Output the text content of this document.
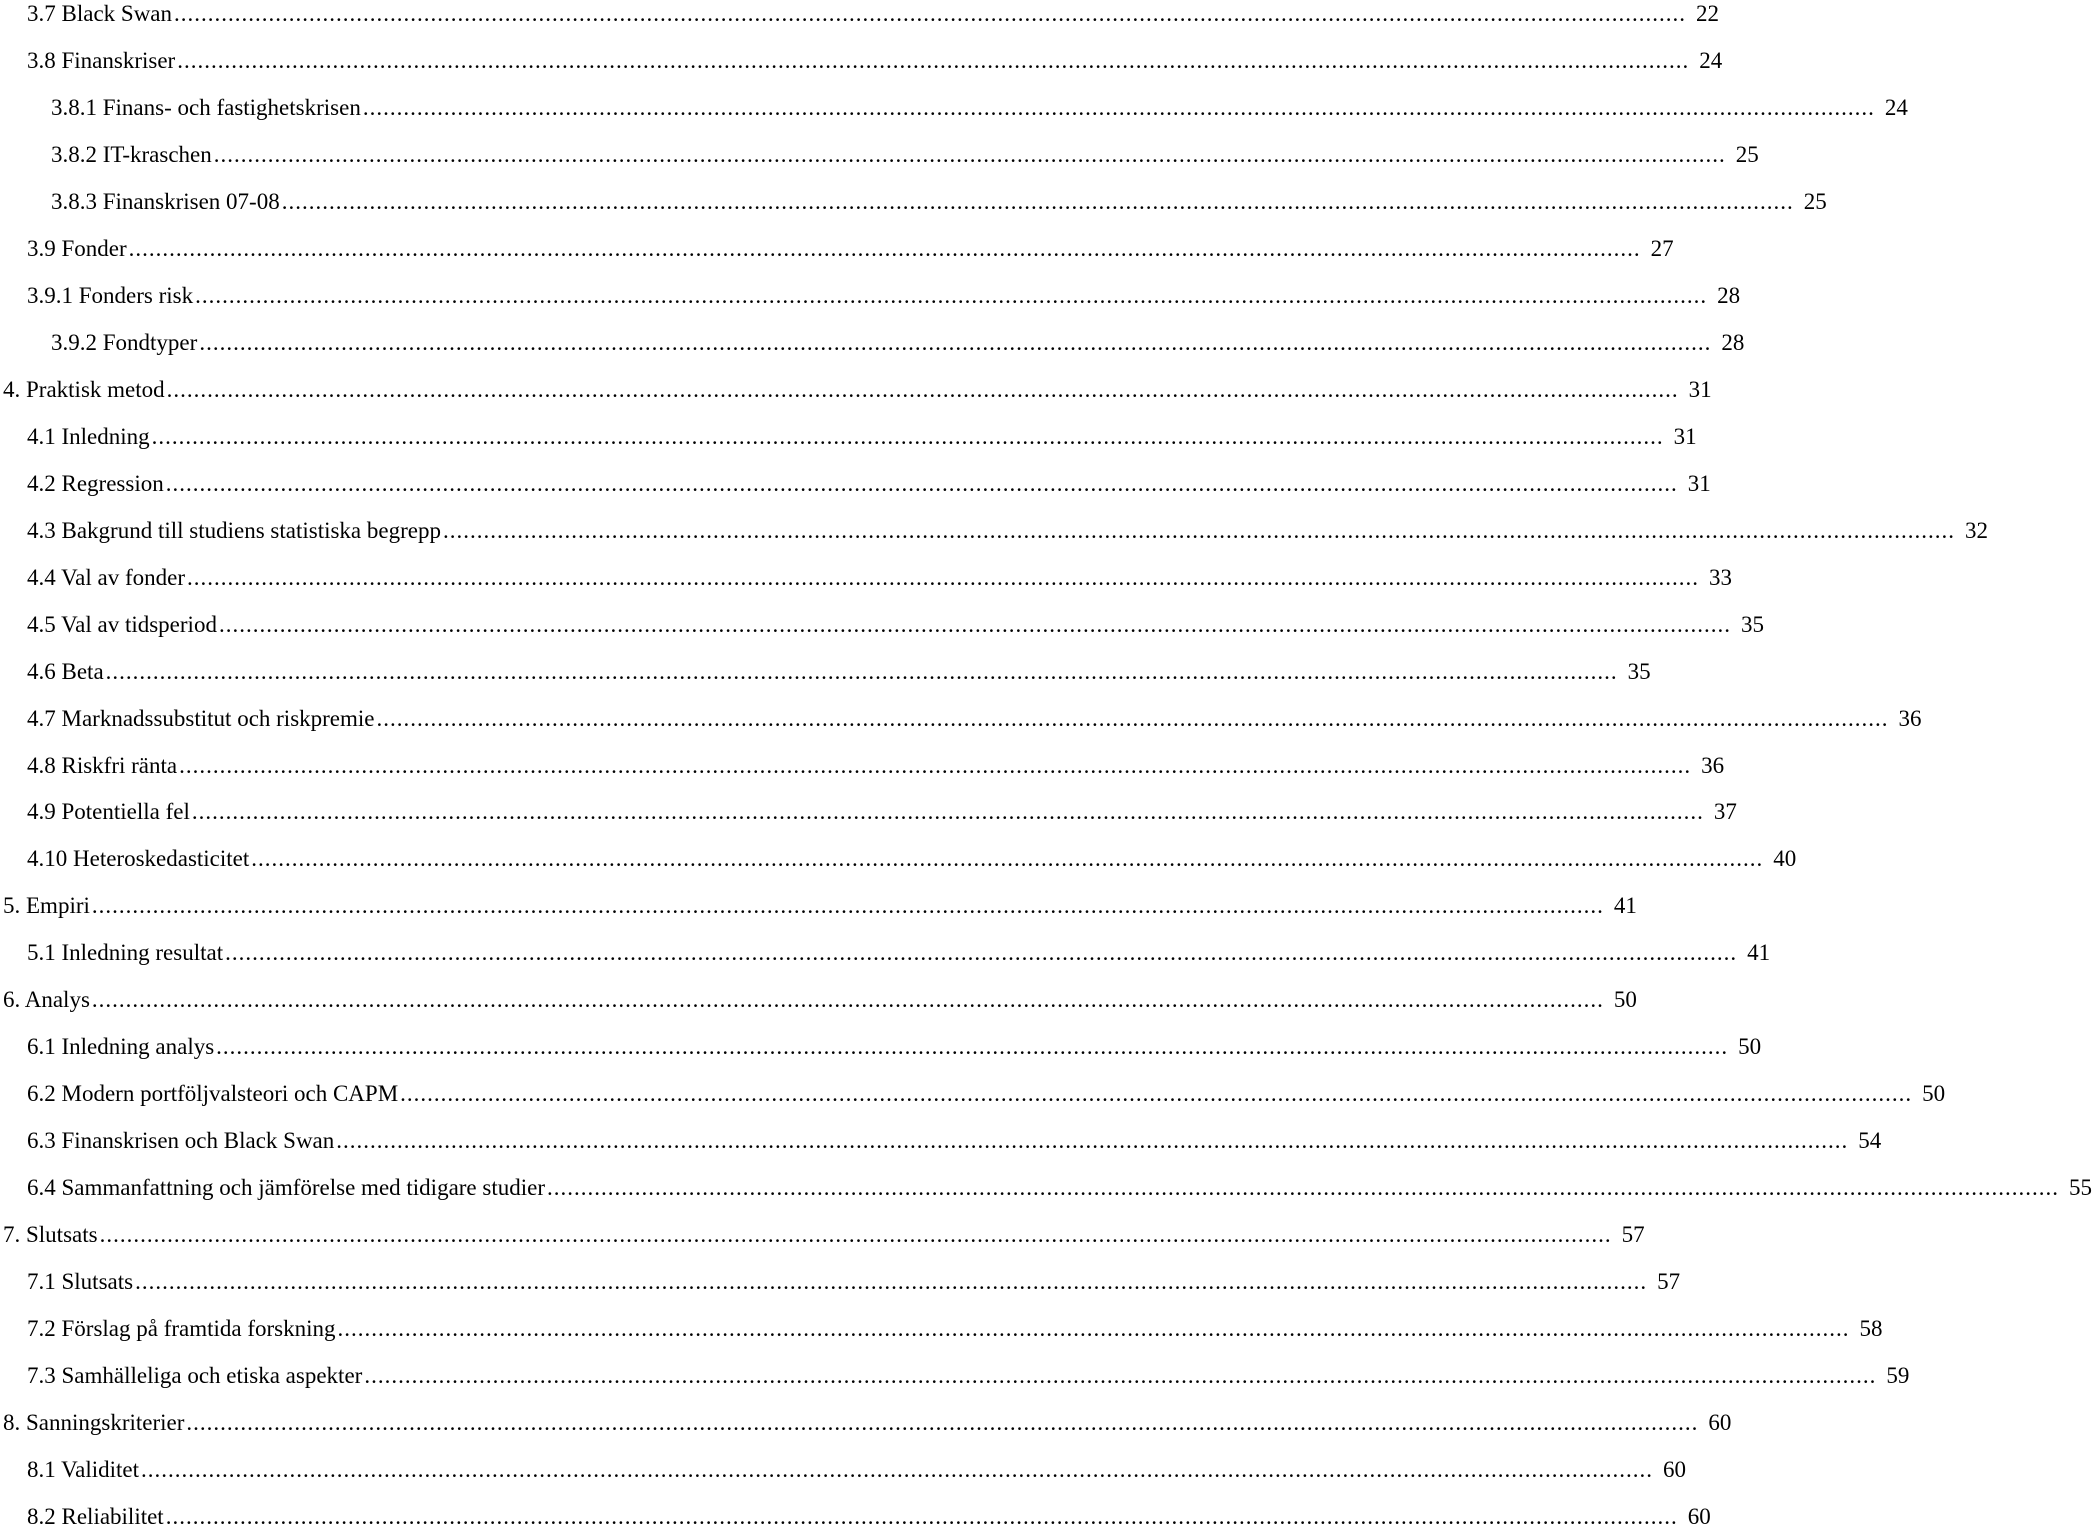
3.7 Black Swan .....	22
3.8 Finanskriser .....	24
3.8.1 Finans- och fastighetskrisen .....	24
3.8.2 IT-kraschen .....	25
3.8.3 Finanskrisen 07-08 .....	25
3.9 Fonder .....	27
3.9.1 Fonders risk .....	28
3.9.2 Fondtyper .....	28
4. Praktisk metod .....	31
4.1 Inledning .....	31
4.2 Regression .....	31
4.3 Bakgrund till studiens statistiska begrepp .....	32
4.4 Val av fonder .....	33
4.5 Val av tidsperiod .....	35
4.6 Beta .....	35
4.7 Marknadssubstitut och riskpremie .....	36
4.8 Riskfri ränta .....	36
4.9 Potentiella fel .....	37
4.10 Heteroskedasticitet .....	40
5. Empiri .....	41
5.1 Inledning resultat .....	41
6. Analys .....	50
6.1 Inledning analys .....	50
6.2 Modern portföljvalsteori och CAPM .....	50
6.3 Finanskrisen och Black Swan .....	54
6.4 Sammanfattning och jämförelse med tidigare studier .....	55
7. Slutsats .....	57
7.1 Slutsats .....	57
7.2 Förslag på framtida forskning .....	58
7.3 Samhälleliga och etiska aspekter .....	59
8. Sanningskriterier .....	60
8.1 Validitet .....	60
8.2 Reliabilitet .....	60
